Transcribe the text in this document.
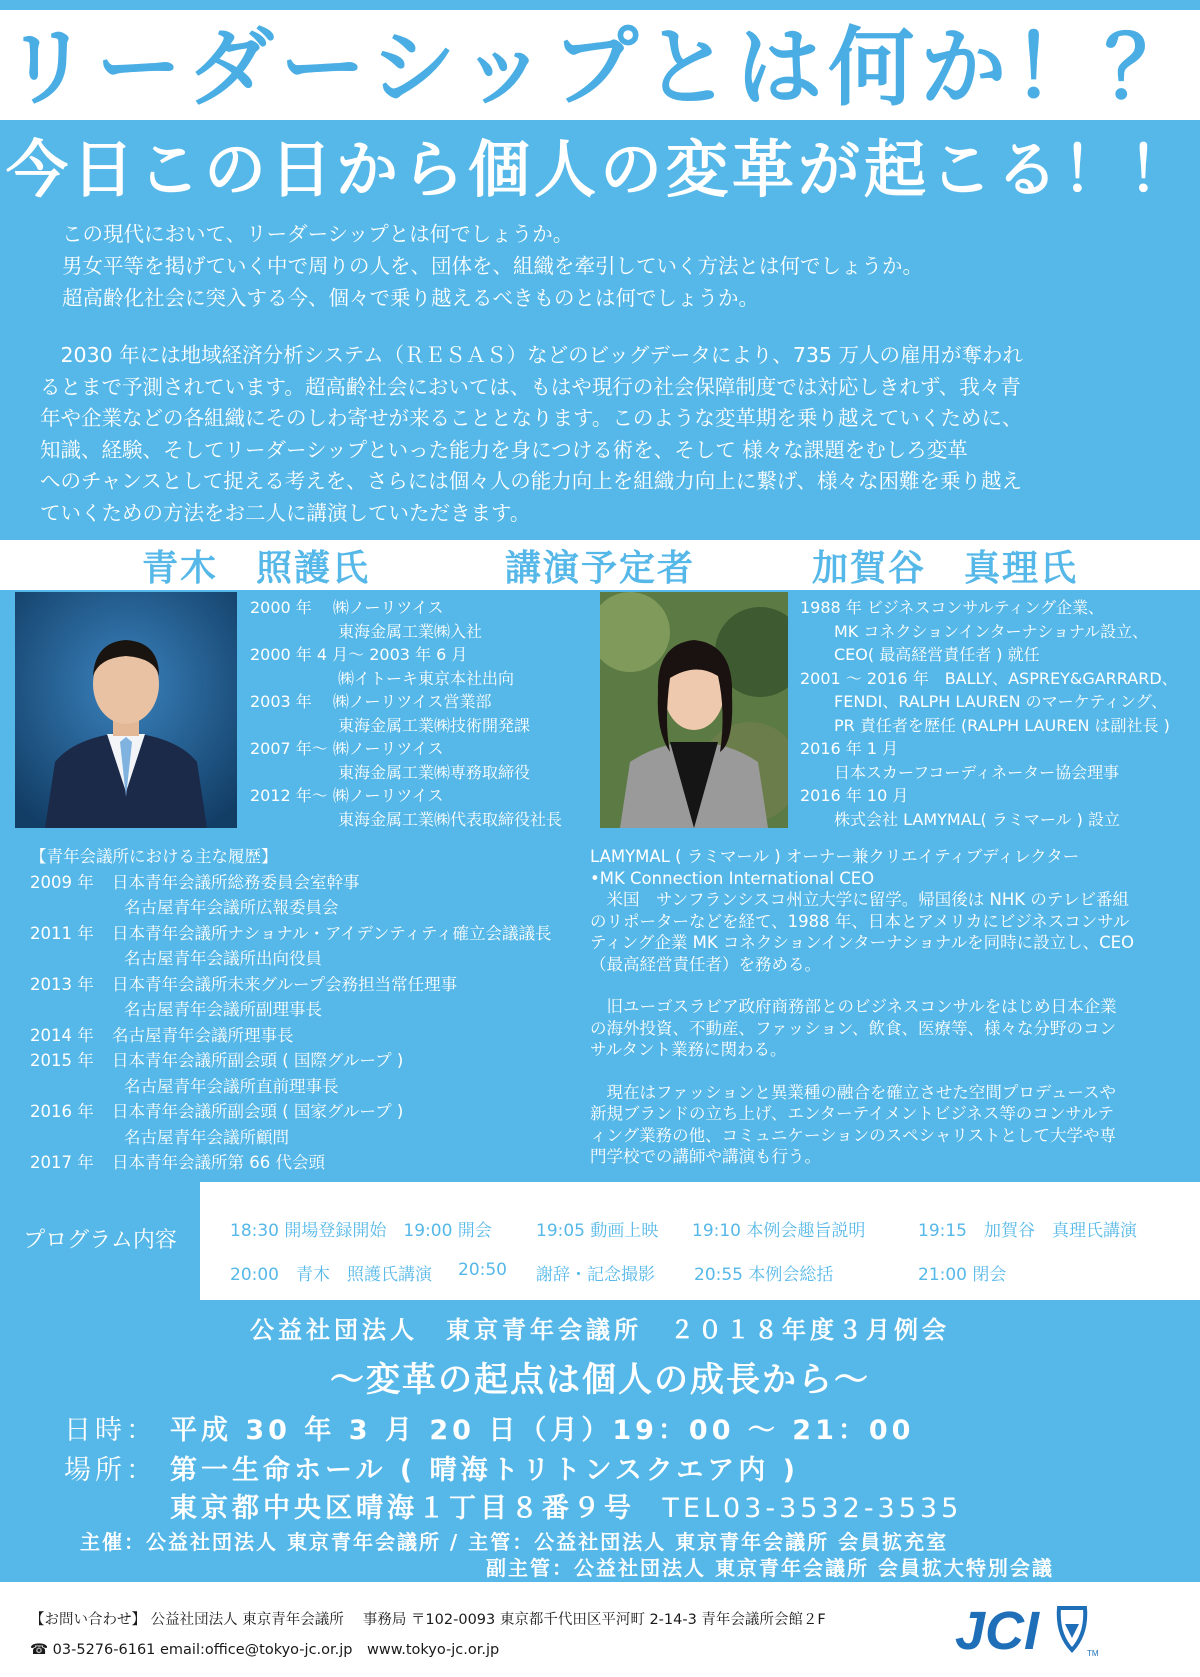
リーダーシップとは何か！？
今日この日から個人の変革が起こる！！

この現代において、リーダーシップとは何でしょうか。

男女平等を掲げていく中で周りの人を、団体を、組織を牽引していく方法とは何でしょうか。

超高齢化社会に突入する今、個々で乗り越えるべきものとは何でしょうか。

　2030 年には地域経済分析システム（ＲＥＳＡＳ）などのビッグデータにより、735 万人の雇用が奪われ

るとまで予測されています。超高齢社会においては、もはや現行の社会保障制度では対応しきれず、我々青

年や企業などの各組織にそのしわ寄せが来ることとなります。このような変革期を乗り越えていくために、

知識、経験、そしてリーダーシップといった能力を身につける術を、そして 様々な課題をむしろ変革

へのチャンスとして捉える考えを、さらには個々人の能力向上を組織力向上に繋げ、様々な困難を乗り越え

ていくための方法をお二人に講演していただきます。

青木　照護氏	講演予定者	加賀谷　真理氏
2000 年　 ㈱ノーリツイス
東海金属工業㈱入社
2000 年 4 月～ 2003 年 6 月
㈱イトーキ東京本社出向
2003 年　 ㈱ノーリツイス営業部
東海金属工業㈱技術開発課
2007 年～ ㈱ノーリツイス
東海金属工業㈱専務取締役
2012 年～ ㈱ノーリツイス
東海金属工業㈱代表取締役社長
1988 年 ビジネスコンサルティング企業、
MK コネクションインターナショナル設立、
CEO( 最高経営責任者 ) 就任
2001 ～ 2016 年　BALLY、ASPREY&GARRARD、
FENDI、RALPH LAUREN のマーケティング、
PR 責任者を歴任 (RALPH LAUREN は副社長 )
2016 年 1 月
日本スカーフコーディネーター協会理事
2016 年 10 月
株式会社 LAMYMAL( ラミマール ) 設立
【青年会議所における主な履歴】
2009 年 日本青年会議所総務委員会室幹事
名古屋青年会議所広報委員会
2011 年 日本青年会議所ナショナル・アイデンティティ確立会議議長
名古屋青年会議所出向役員
2013 年 日本青年会議所未来グループ会務担当常任理事
名古屋青年会議所副理事長
2014 年 名古屋青年会議所理事長
2015 年 日本青年会議所副会頭 ( 国際グループ )
名古屋青年会議所直前理事長
2016 年 日本青年会議所副会頭 ( 国家グループ )
名古屋青年会議所顧問
2017 年 日本青年会議所第 66 代会頭

LAMYMAL ( ラミマール ) オーナー兼クリエイティブディレクター

•MK Connection International CEO

　米国　サンフランシスコ州立大学に留学。帰国後は NHK のテレビ番組

のリポーターなどを経て、1988 年、日本とアメリカにビジネスコンサル

ティング企業 MK コネクションインターナショナルを同時に設立し、CEO

（最高経営責任者）を務める。

　旧ユーゴスラビア政府商務部とのビジネスコンサルをはじめ日本企業

の海外投資、不動産、ファッション、飲食、医療等、様々な分野のコン

サルタント業務に関わる。

　現在はファッションと異業種の融合を確立させた空間プロデュースや

新規ブランドの立ち上げ、エンターテイメントビジネス等のコンサルテ

ィング業務の他、コミュニケーションのスペシャリストとして大学や専

門学校での講師や講演も行う。

プログラム内容	18:30 開場登録開始　19:00 開会	19:05 動画上映 19:10 本例会趣旨説明	19:15　加賀谷　真理氏講演
20:00　青木　照護氏講演 20:50 謝辞・記念撮影 20:55 本例会総括	21:00 閉会
公益社団法人　東京青年会議所　２０１８年度３月例会
～変革の起点は個人の成長から～
日時： 平成 30 年 3 月 20 日（月）19：00 ～ 21：00
場所： 第一生命ホール ( 晴海トリトンスクエア内 )
東京都中央区晴海１丁目８番９号 TEL03-3532-3535
主催：公益社団法人 東京青年会議所 / 主管：公益社団法人 東京青年会議所 会員拡充室
副主管：公益社団法人 東京青年会議所 会員拡大特別会議
【お問い合わせ】 公益社団法人 東京青年会議所　 事務局 〒102-0093 東京都千代田区平河町 2-14-3 青年会議所会館２F
☎ 03-5276-6161 email:office@tokyo-jc.or.jp　www.tokyo-jc.or.jp	JCI	TM
